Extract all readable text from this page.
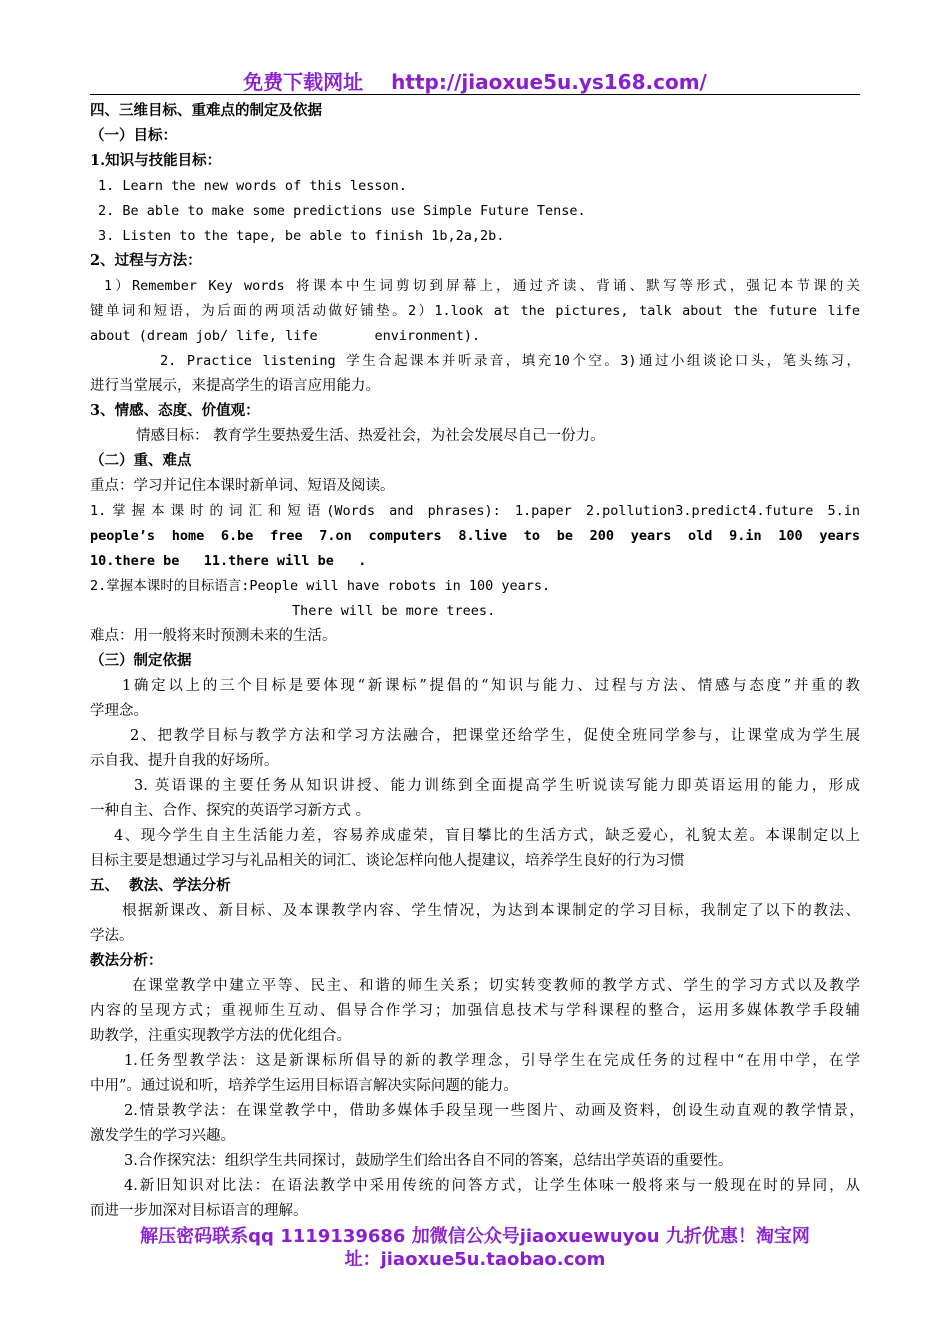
免费下载网址 http://jiaoxue5u.ys168.com/
四、三维目标、重难点的制定及依据
（一）目标：
1.知识与技能目标：
1. Learn the new words of this lesson.
2. Be able to make some predictions use Simple Future Tense.
3. Listen to the tape, be able to finish 1b,2a,2b.
2、过程与方法：
1）Remember Key words 将课本中生词剪切到屏幕上，通过齐读、背诵、默写等形式，强记本节课的关
键单词和短语，为后面的两项活动做好铺垫。2）1.look at the pictures, talk about the future life
about (dream job/ life, life       environment).
2. Practice listening 学生合起课本并听录音，填充10个空。3)通过小组谈论口头，笔头练习，
进行当堂展示，来提高学生的语言应用能力。
3、情感、态度、价值观：
情感目标： 教育学生要热爱生活、热爱社会，为社会发展尽自己一份力。
（二）重、难点
重点：学习并记住本课时新单词、短语及阅读。
1.掌握本课时的词汇和短语(Words and phrases): 1.paper 2.pollution3.predict4.future 5.in
people’s home 6.be free 7.on computers 8.live to be 200 years old 9.in 100 years
10.there be   11.there will be   .
2.掌握本课时的目标语言:People will have robots in 100 years.
There will be more trees.
难点：用一般将来时预测未来的生活。
（三）制定依据
1确定以上的三个目标是要体现“新课标”提倡的“知识与能力、过程与方法、情感与态度”并重的教
学理念。
2、把教学目标与教学方法和学习方法融合，把课堂还给学生，促使全班同学参与，让课堂成为学生展
示自我、提升自我的好场所。
3. 英语课的主要任务从知识讲授、能力训练到全面提高学生听说读写能力即英语运用的能力，形成
一种自主、合作、探究的英语学习新方式 。
4、现今学生自主生活能力差，容易养成虚荣，盲目攀比的生活方式，缺乏爱心，礼貌太差。本课制定以上
目标主要是想通过学习与礼品相关的词汇、谈论怎样向他人提建议，培养学生良好的行为习惯
五、  教法、学法分析
根据新课改、新目标、及本课教学内容、学生情况，为达到本课制定的学习目标，我制定了以下的教法、
学法。
教法分析：
在课堂教学中建立平等、民主、和谐的师生关系；切实转变教师的教学方式、学生的学习方式以及教学
内容的呈现方式；重视师生互动、倡导合作学习；加强信息技术与学科课程的整合，运用多媒体教学手段辅
助教学，注重实现教学方法的优化组合。
1.任务型教学法：这是新课标所倡导的新的教学理念，引导学生在完成任务的过程中“在用中学，在学
中用”。通过说和听，培养学生运用目标语言解决实际问题的能力。
2.情景教学法：在课堂教学中，借助多媒体手段呈现一些图片、动画及资料，创设生动直观的教学情景，
激发学生的学习兴趣。
3.合作探究法：组织学生共同探讨，鼓励学生们给出各自不同的答案，总结出学英语的重要性。
4.新旧知识对比法：在语法教学中采用传统的问答方式，让学生体味一般将来与一般现在时的异同，从
而进一步加深对目标语言的理解。
解压密码联系qq 1119139686 加微信公众号jiaoxuewuyou 九折优惠！淘宝网
址：jiaoxue5u.taobao.com
